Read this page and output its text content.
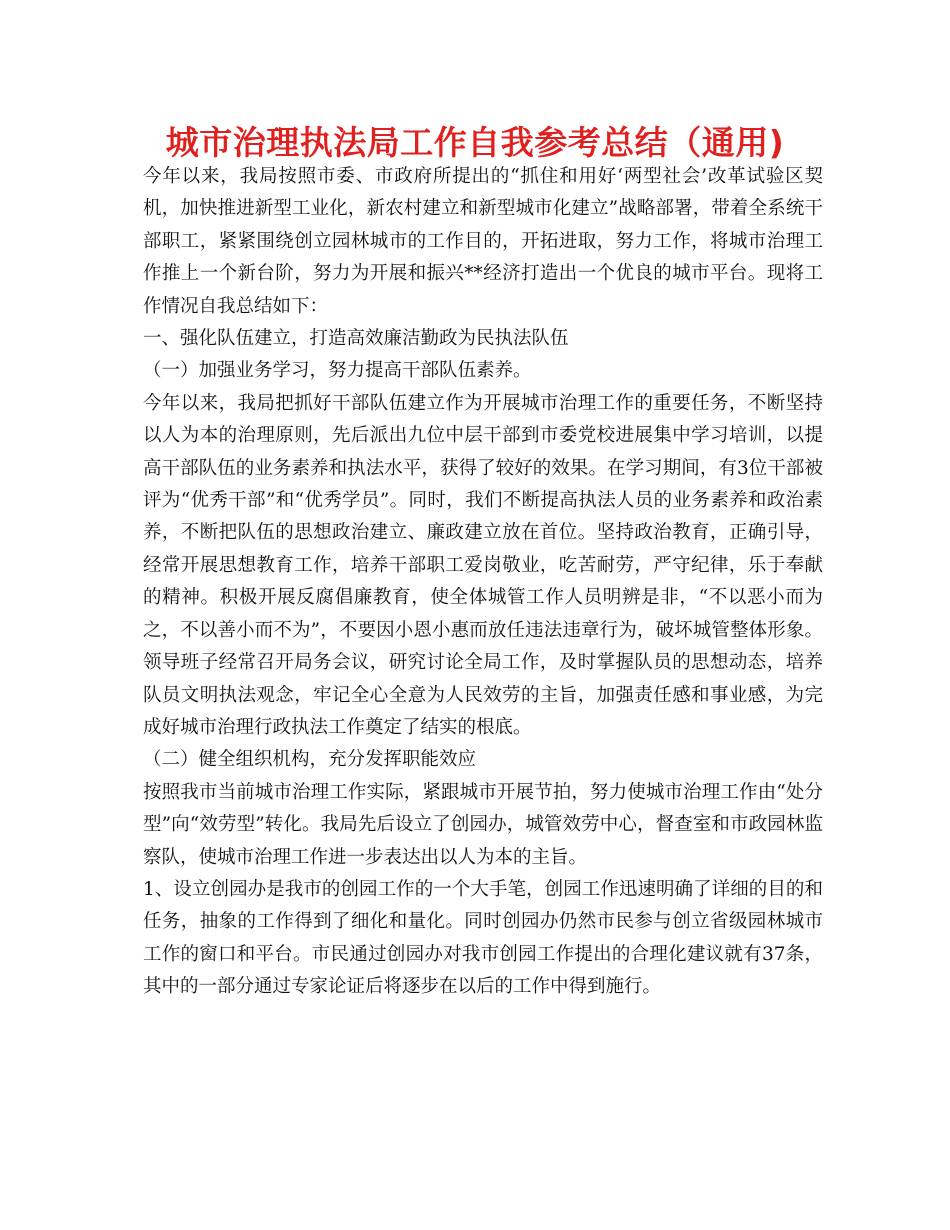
城市治理执法局工作自我参考总结（通用)

今年以来，我局按照市委、市政府所提出的“抓住和用好‘两型社会’改革试验区契机，加快推进新型工业化，新农村建立和新型城市化建立”战略部署，带着全系统干部职工，紧紧围绕创立园林城市的工作目的，开拓进取，努力工作，将城市治理工作推上一个新台阶，努力为开展和振兴**经济打造出一个优良的城市平台。现将工作情况自我总结如下：

一、强化队伍建立，打造高效廉洁勤政为民执法队伍

（一）加强业务学习，努力提高干部队伍素养。

今年以来，我局把抓好干部队伍建立作为开展城市治理工作的重要任务，不断坚持以人为本的治理原则，先后派出九位中层干部到市委党校进展集中学习培训，以提高干部队伍的业务素养和执法水平，获得了较好的效果。在学习期间，有3位干部被评为“优秀干部”和“优秀学员”。同时，我们不断提高执法人员的业务素养和政治素养，不断把队伍的思想政治建立、廉政建立放在首位。坚持政治教育，正确引导，经常开展思想教育工作，培养干部职工爱岗敬业，吃苦耐劳，严守纪律，乐于奉献的精神。积极开展反腐倡廉教育，使全体城管工作人员明辨是非，“不以恶小而为之，不以善小而不为”，不要因小恩小惠而放任违法违章行为，破坏城管整体形象。领导班子经常召开局务会议，研究讨论全局工作，及时掌握队员的思想动态，培养队员文明执法观念，牢记全心全意为人民效劳的主旨，加强责任感和事业感，为完成好城市治理行政执法工作奠定了结实的根底。

（二）健全组织机构，充分发挥职能效应

按照我市当前城市治理工作实际，紧跟城市开展节拍，努力使城市治理工作由“处分型”向“效劳型”转化。我局先后设立了创园办，城管效劳中心，督查室和市政园林监察队，使城市治理工作进一步表达出以人为本的主旨。

1、设立创园办是我市的创园工作的一个大手笔，创园工作迅速明确了详细的目的和任务，抽象的工作得到了细化和量化。同时创园办仍然市民参与创立省级园林城市工作的窗口和平台。市民通过创园办对我市创园工作提出的合理化建议就有37条，其中的一部分通过专家论证后将逐步在以后的工作中得到施行。
